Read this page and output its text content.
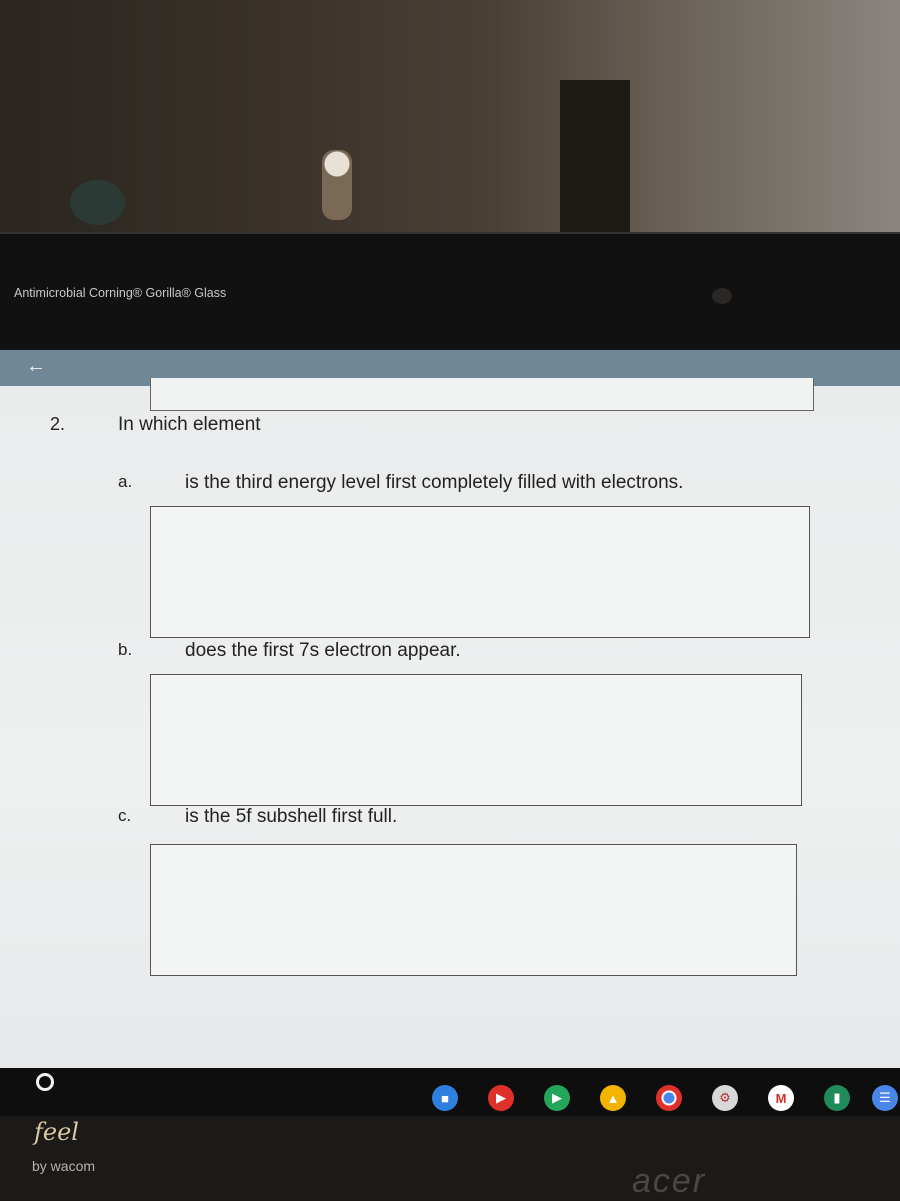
Antimicrobial Corning® Gorilla® Glass
←
2.	In which element
a.	is the third energy level first completely filled with electrons.
b.	does the first 7s electron appear.
c.	is the 5f subshell first full.
■	▶	▶	▲	⚙	M	▮	☰
feel
by wacom	acer
